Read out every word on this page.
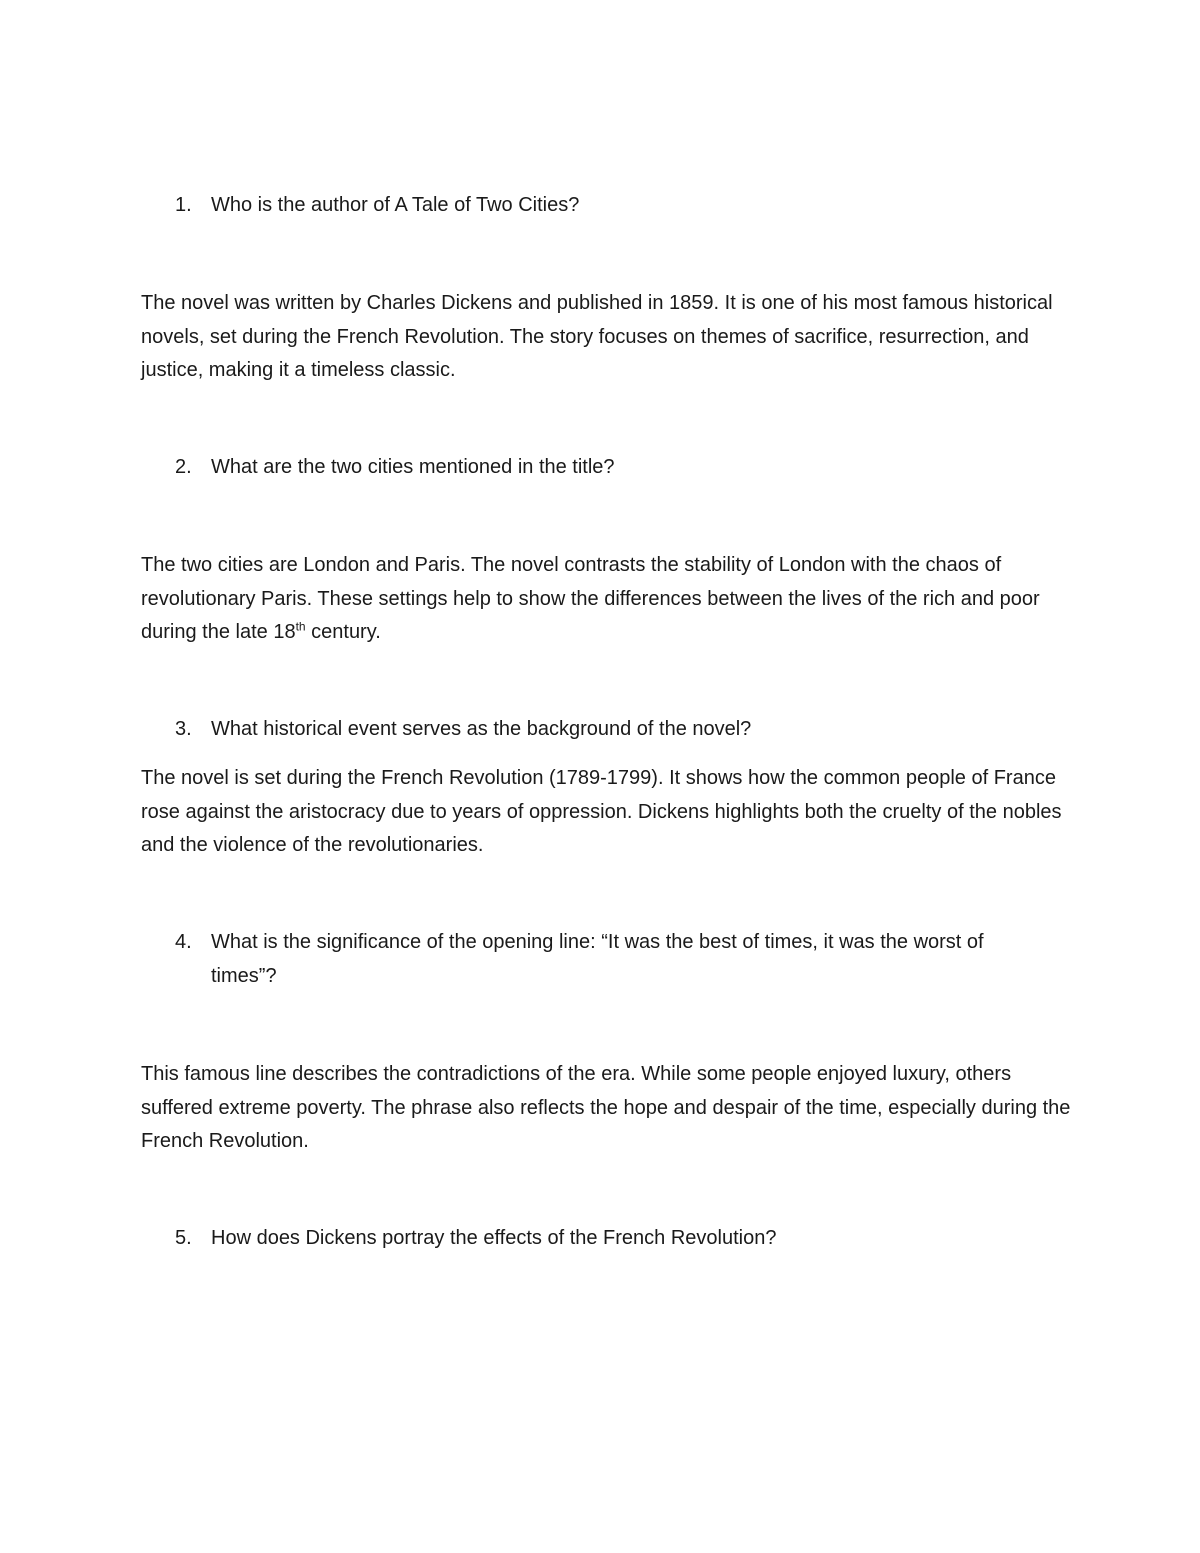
1. Who is the author of A Tale of Two Cities?

The novel was written by Charles Dickens and published in 1859. It is one of his most famous historical novels, set during the French Revolution. The story focuses on themes of sacrifice, resurrection, and justice, making it a timeless classic.

2. What are the two cities mentioned in the title?

The two cities are London and Paris. The novel contrasts the stability of London with the chaos of revolutionary Paris. These settings help to show the differences between the lives of the rich and poor during the late 18th century.

3. What historical event serves as the background of the novel?

The novel is set during the French Revolution (1789-1799). It shows how the common people of France rose against the aristocracy due to years of oppression. Dickens highlights both the cruelty of the nobles and the violence of the revolutionaries.

4. What is the significance of the opening line: “It was the best of times, it was the worst of times”?

This famous line describes the contradictions of the era. While some people enjoyed luxury, others suffered extreme poverty. The phrase also reflects the hope and despair of the time, especially during the French Revolution.

5. How does Dickens portray the effects of the French Revolution?
